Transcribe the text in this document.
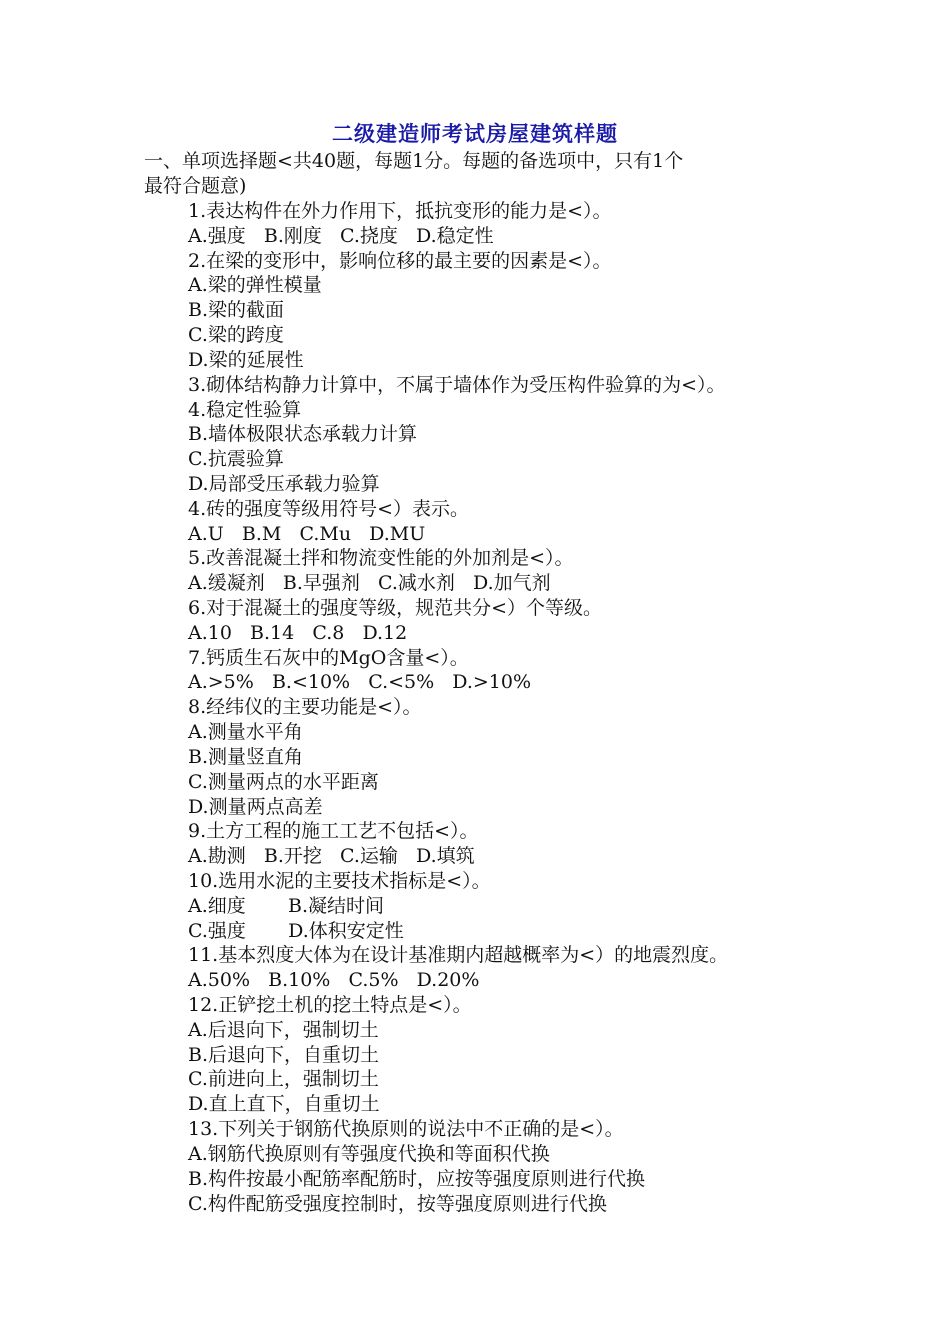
二级建造师考试房屋建筑样题
一、单项选择题<共40题，每题1分。每题的备选项中，只有1个
最符合题意)
1.表达构件在外力作用下，抵抗变形的能力是<）。
A.强度   B.刚度   C.挠度   D.稳定性
2.在梁的变形中，影响位移的最主要的因素是<）。
A.梁的弹性模量
B.梁的截面
C.梁的跨度
D.梁的延展性
3.砌体结构静力计算中，不属于墙体作为受压构件验算的为<）。
4.稳定性验算
B.墙体极限状态承载力计算
C.抗震验算
D.局部受压承载力验算
4.砖的强度等级用符号<）表示。
A.U   B.M   C.Mu   D.MU
5.改善混凝土拌和物流变性能的外加剂是<）。
A.缓凝剂   B.早强剂   C.减水剂   D.加气剂
6.对于混凝土的强度等级，规范共分<）个等级。
A.10   B.14   C.8   D.12
7.钙质生石灰中的MgO含量<）。
A.>5%   B.<10%   C.<5%   D.>10%
8.经纬仪的主要功能是<）。
A.测量水平角
B.测量竖直角
C.测量两点的水平距离
D.测量两点高差
9.土方工程的施工工艺不包括<）。
A.勘测   B.开挖   C.运输   D.填筑
10.选用水泥的主要技术指标是<）。
A.细度       B.凝结时间
C.强度       D.体积安定性
11.基本烈度大体为在设计基准期内超越概率为<）的地震烈度。
A.50%   B.10%   C.5%   D.20%
12.正铲挖土机的挖土特点是<）。
A.后退向下，强制切土
B.后退向下，自重切土
C.前进向上，强制切土
D.直上直下，自重切土
13.下列关于钢筋代换原则的说法中不正确的是<）。
A.钢筋代换原则有等强度代换和等面积代换
B.构件按最小配筋率配筋时，应按等强度原则进行代换
C.构件配筋受强度控制时，按等强度原则进行代换
